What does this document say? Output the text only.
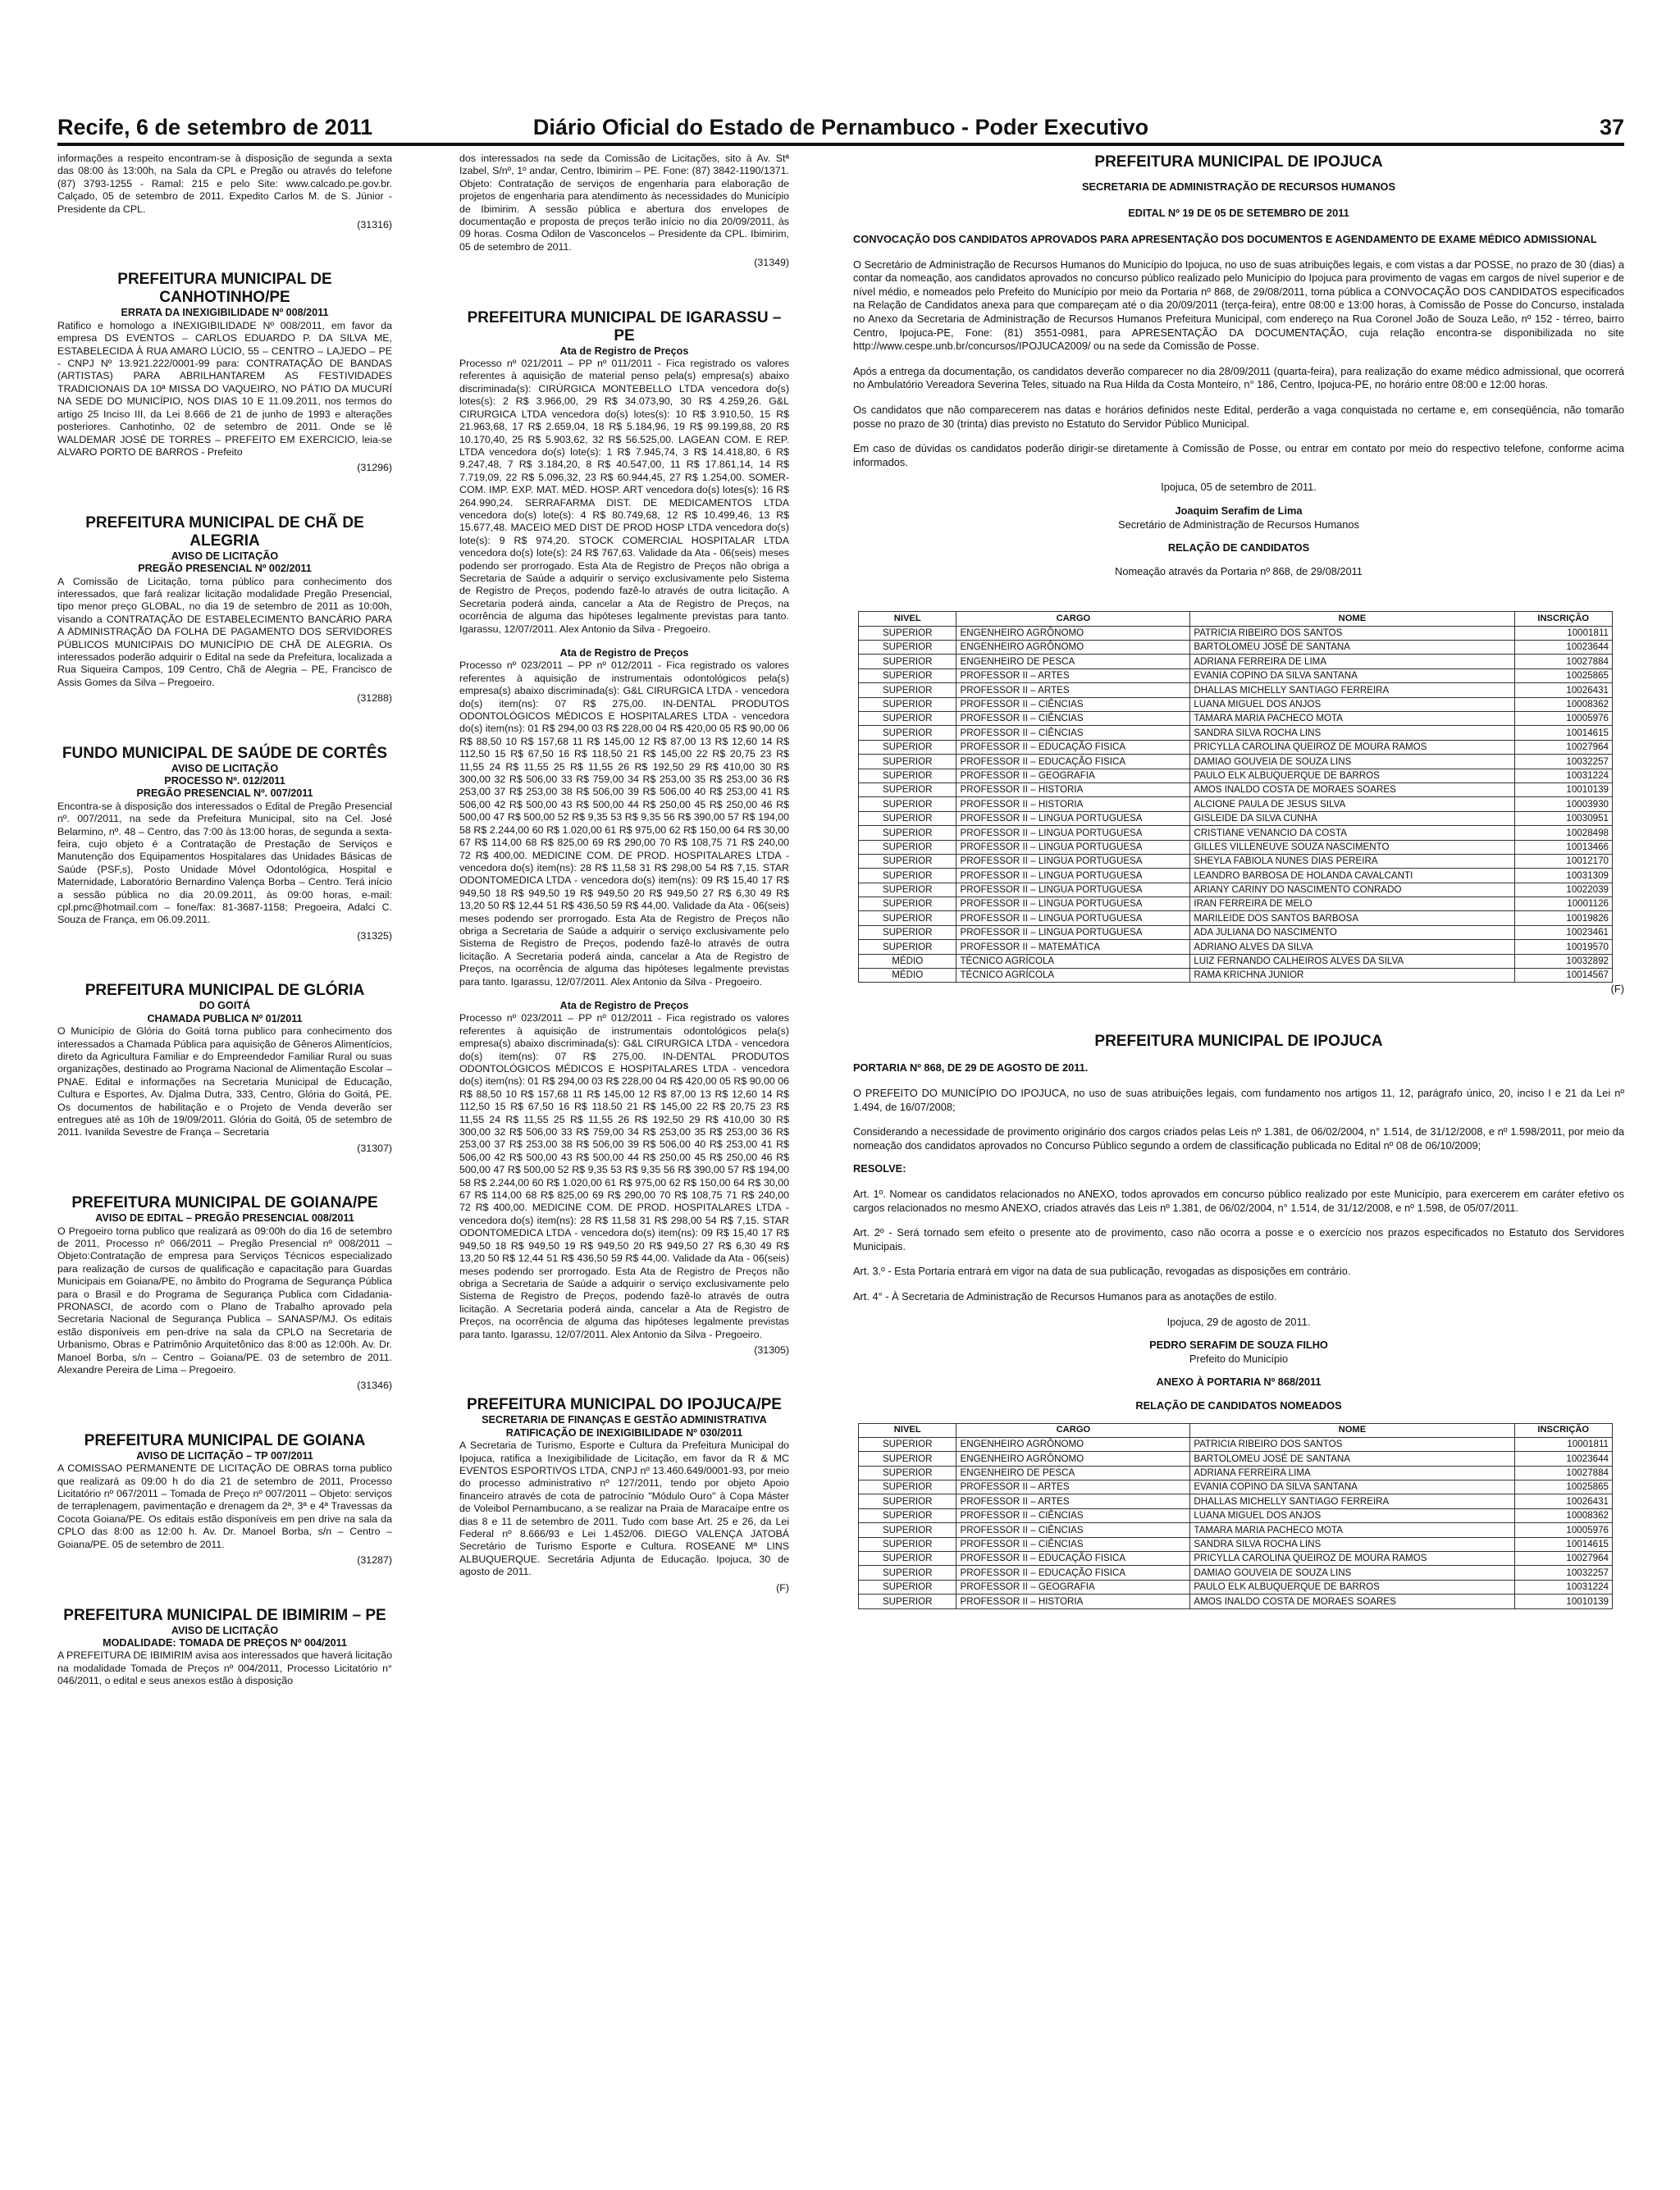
Recife, 6 de setembro de 2011	Diário Oficial do Estado de Pernambuco - Poder Executivo	37

informações a respeito encontram-se à disposição de segunda a sexta das 08:00 às 13:00h, na Sala da CPL e Pregão ou através do telefone (87) 3793-1255 - Ramal: 215 e pelo Site: www.calcado.pe.gov.br. Calçado, 05 de setembro de 2011. Expedito Carlos M. de S. Júnior - Presidente da CPL.

(31316)

PREFEITURA MUNICIPAL DE CANHOTINHO/PE

ERRATA DA INEXIGIBILIDADE Nº 008/2011

Ratifico e homologo a INEXIGIBILIDADE Nº 008/2011, em favor da empresa DS EVENTOS – CARLOS EDUARDO P. DA SILVA ME, ESTABELECIDA À RUA AMARO LÚCIO, 55 – CENTRO – LAJEDO – PE - CNPJ Nº 13.921.222/0001-99 para: CONTRATAÇÃO DE BANDAS (ARTISTAS) PARA ABRILHANTAREM AS FESTIVIDADES TRADICIONAIS DA 10ª MISSA DO VAQUEIRO, NO PÁTIO DA MUCURÍ NA SEDE DO MUNICÍPIO, NOS DIAS 10 E 11.09.2011, nos termos do artigo 25 Inciso III, da Lei 8.666 de 21 de junho de 1993 e alterações posteriores. Canhotinho, 02 de setembro de 2011. Onde se lê WALDEMAR JOSÉ DE TORRES – PREFEITO EM EXERCICIO, leia-se ALVARO PORTO DE BARROS - Prefeito

(31296)

PREFEITURA MUNICIPAL DE CHÃ DE ALEGRIA

AVISO DE LICITAÇÃO

PREGÃO PRESENCIAL Nº 002/2011

A Comissão de Licitação, torna público para conhecimento dos interessados, que fará realizar licitação modalidade Pregão Presencial, tipo menor preço GLOBAL, no dia 19 de setembro de 2011 as 10:00h, visando a CONTRATAÇÃO DE ESTABELECIMENTO BANCÁRIO PARA A ADMINISTRAÇÃO DA FOLHA DE PAGAMENTO DOS SERVIDORES PÚBLICOS MUNICIPAIS DO MUNICÍPIO DE CHÃ DE ALEGRIA. Os interessados poderão adquirir o Edital na sede da Prefeitura, localizada a Rua Siqueira Campos, 109 Centro, Chã de Alegria – PE, Francisco de Assis Gomes da Silva – Pregoeiro.

(31288)

FUNDO MUNICIPAL DE SAÚDE DE CORTÊS

AVISO DE LICITAÇÃO

PROCESSO Nº. 012/2011

PREGÃO PRESENCIAL Nº. 007/2011

Encontra-se à disposição dos interessados o Edital de Pregão Presencial nº. 007/2011, na sede da Prefeitura Municipal, sito na Cel. José Belarmino, nº. 48 – Centro, das 7:00 às 13:00 horas, de segunda a sexta-feira, cujo objeto é a Contratação de Prestação de Serviços e Manutenção dos Equipamentos Hospitalares das Unidades Básicas de Saúde (PSF,s), Posto Unidade Móvel Odontológica, Hospital e Maternidade, Laboratório Bernardino Valença Borba – Centro. Terá início a sessão pública no dia 20.09.2011, às 09:00 horas, e-mail: cpl.pmc@hotmail.com – fone/fax: 81-3687-1158; Pregoeira, Adalci C. Souza de França, em 06.09.2011.

(31325)

PREFEITURA MUNICIPAL DE GLÓRIA

DO GOITÁ

CHAMADA PUBLICA Nº 01/2011

O Município de Glória do Goitá torna publico para conhecimento dos interessados a Chamada Pública para aquisição de Gêneros Alimentícios, direto da Agricultura Familiar e do Empreendedor Familiar Rural ou suas organizações, destinado ao Programa Nacional de Alimentação Escolar – PNAE. Edital e informações na Secretaria Municipal de Educação, Cultura e Esportes, Av. Djalma Dutra, 333, Centro, Glória do Goitá, PE. Os documentos de habilitação e o Projeto de Venda deverão ser entregues até as 10h de 19/09/2011. Glória do Goitá, 05 de setembro de 2011. Ivanilda Sevestre de França – Secretaria

(31307)

PREFEITURA MUNICIPAL DE GOIANA/PE

AVISO DE EDITAL – PREGÃO PRESENCIAL 008/2011

O Pregoeiro torna publico que realizará as 09:00h do dia 16 de setembro de 2011, Processo nº 066/2011 – Pregão Presencial nº 008/2011 – Objeto:Contratação de empresa para Serviços Técnicos especializado para realização de cursos de qualificação e capacitação para Guardas Municipais em Goiana/PE, no âmbito do Programa de Segurança Pública para o Brasil e do Programa de Segurança Publica com Cidadania- PRONASCI, de acordo com o Plano de Trabalho aprovado pela Secretaria Nacional de Segurança Publica – SANASP/MJ. Os editais estão disponíveis em pen-drive na sala da CPLO na Secretaria de Urbanismo, Obras e Patrimônio Arquitetônico das 8:00 as 12:00h. Av. Dr. Manoel Borba, s/n – Centro – Goiana/PE. 03 de setembro de 2011. Alexandre Pereira de Lima – Pregoeiro.

(31346)

PREFEITURA MUNICIPAL DE GOIANA

AVISO DE LICITAÇÃO – TP 007/2011

A COMISSAO PERMANENTE DE LICITAÇÃO DE OBRAS torna publico que realizará as 09:00 h do dia 21 de setembro de 2011, Processo Licitatório nº 067/2011 – Tomada de Preço nº 007/2011 – Objeto: serviços de terraplenagem, pavimentação e drenagem da 2ª, 3ª e 4ª Travessas da Cocota Goiana/PE. Os editais estão disponíveis em pen drive na sala da CPLO das 8:00 as 12:00 h. Av. Dr. Manoel Borba, s/n – Centro – Goiana/PE. 05 de setembro de 2011.

(31287)

PREFEITURA MUNICIPAL DE IBIMIRIM – PE

AVISO DE LICITAÇÃO

MODALIDADE: TOMADA DE PREÇOS Nº 004/2011

A PREFEITURA DE IBIMIRIM avisa aos interessados que haverá licitação na modalidade Tomada de Preços nº 004/2011, Processo Licitatório n° 046/2011, o edital e seus anexos estão à disposição

dos interessados na sede da Comissão de Licitações, sito à Av. Stª Izabel, S/nº, 1º andar, Centro, Ibimirim – PE. Fone: (87) 3842-1190/1371. Objeto: Contratação de serviços de engenharia para elaboração de projetos de engenharia para atendimento às necessidades do Município de Ibimirim. A sessão pública e abertura dos envelopes de documentação e proposta de preços terão início no dia 20/09/2011, às 09 horas. Cosma Odilon de Vasconcelos – Presidente da CPL. Ibimirim, 05 de setembro de 2011.

(31349)

PREFEITURA MUNICIPAL DE IGARASSU – PE

Ata de Registro de Preços

Processo nº 021/2011 – PP nº 011/2011 - Fica registrado os valores referentes à aquisição de material penso pela(s) empresa(s) abaixo discriminada(s): CIRÚRGICA MONTEBELLO LTDA vencedora do(s) lotes(s): 2 R$ 3.966,00, 29 R$ 34.073,90, 30 R$ 4.259,26. G&L CIRURGICA LTDA vencedora do(s) lotes(s): 10 R$ 3.910,50, 15 R$ 21.963,68, 17 R$ 2.659,04, 18 R$ 5.184,96, 19 R$ 99.199,88, 20 R$ 10.170,40, 25 R$ 5.903,62, 32 R$ 56.525,00. LAGEAN COM. E REP. LTDA vencedora do(s) lote(s): 1 R$ 7.945,74, 3 R$ 14.418,80, 6 R$ 9.247,48, 7 R$ 3.184,20, 8 R$ 40.547,00, 11 R$ 17.861,14, 14 R$ 7.719,09, 22 R$ 5.096,32, 23 R$ 60.944,45, 27 R$ 1.254,00. SOMER-COM. IMP. EXP. MAT. MÉD. HOSP. ART vencedora do(s) lotes(s): 16 R$ 264.990,24. SERRAFARMA DIST. DE MEDICAMENTOS LTDA vencedora do(s) lote(s): 4 R$ 80.749,68, 12 R$ 10.499,46, 13 R$ 15.677,48. MACEIO MED DIST DE PROD HOSP LTDA vencedora do(s) lote(s): 9 R$ 974,20. STOCK COMERCIAL HOSPITALAR LTDA vencedora do(s) lote(s): 24 R$ 767,63. Validade da Ata - 06(seis) meses podendo ser prorrogado. Esta Ata de Registro de Preços não obriga a Secretaria de Saúde a adquirir o serviço exclusivamente pelo Sistema de Registro de Preços, podendo fazê-lo através de outra licitação. A Secretaria poderá ainda, cancelar a Ata de Registro de Preços, na ocorrência de alguma das hipóteses legalmente previstas para tanto. Igarassu, 12/07/2011. Alex Antonio da Silva - Pregoeiro.

Ata de Registro de Preços

Processo nº 023/2011 – PP nº 012/2011 - Fica registrado os valores referentes à aquisição de instrumentais odontológicos pela(s) empresa(s) abaixo discriminada(s): G&L CIRURGICA LTDA - vencedora do(s) item(ns): 07 R$ 275,00. IN-DENTAL PRODUTOS ODONTOLÓGICOS MÉDICOS E HOSPITALARES LTDA - vencedora do(s) item(ns): 01 R$ 294,00 03 R$ 228,00 04 R$ 420,00 05 R$ 90,00 06 R$ 88,50 10 R$ 157,68 11 R$ 145,00 12 R$ 87,00 13 R$ 12,60 14 R$ 112,50 15 R$ 67,50 16 R$ 118,50 21 R$ 145,00 22 R$ 20,75 23 R$ 11,55 24 R$ 11,55 25 R$ 11,55 26 R$ 192,50 29 R$ 410,00 30 R$ 300,00 32 R$ 506,00 33 R$ 759,00 34 R$ 253,00 35 R$ 253,00 36 R$ 253,00 37 R$ 253,00 38 R$ 506,00 39 R$ 506,00 40 R$ 253,00 41 R$ 506,00 42 R$ 500,00 43 R$ 500,00 44 R$ 250,00 45 R$ 250,00 46 R$ 500,00 47 R$ 500,00 52 R$ 9,35 53 R$ 9,35 56 R$ 390,00 57 R$ 194,00 58 R$ 2.244,00 60 R$ 1.020,00 61 R$ 975,00 62 R$ 150,00 64 R$ 30,00 67 R$ 114,00 68 R$ 825,00 69 R$ 290,00 70 R$ 108,75 71 R$ 240,00 72 R$ 400,00. MEDICINE COM. DE PROD. HOSPITALARES LTDA - vencedora do(s) item(ns): 28 R$ 11,58 31 R$ 298,00 54 R$ 7,15. STAR ODONTOMEDICA LTDA - vencedora do(s) item(ns): 09 R$ 15,40 17 R$ 949,50 18 R$ 949,50 19 R$ 949,50 20 R$ 949,50 27 R$ 6,30 49 R$ 13,20 50 R$ 12,44 51 R$ 436,50 59 R$ 44,00. Validade da Ata - 06(seis) meses podendo ser prorrogado. Esta Ata de Registro de Preços não obriga a Secretaria de Saúde a adquirir o serviço exclusivamente pelo Sistema de Registro de Preços, podendo fazê-lo através de outra licitação. A Secretaria poderá ainda, cancelar a Ata de Registro de Preços, na ocorrência de alguma das hipóteses legalmente previstas para tanto. Igarassu, 12/07/2011. Alex Antonio da Silva - Pregoeiro.

Ata de Registro de Preços

Processo nº 023/2011 – PP nº 012/2011 - Fica registrado os valores referentes à aquisição de instrumentais odontológicos pela(s) empresa(s) abaixo discriminada(s): G&L CIRURGICA LTDA - vencedora do(s) item(ns): 07 R$ 275,00. IN-DENTAL PRODUTOS ODONTOLÓGICOS MÉDICOS E HOSPITALARES LTDA - vencedora do(s) item(ns): 01 R$ 294,00 03 R$ 228,00 04 R$ 420,00 05 R$ 90,00 06 R$ 88,50 10 R$ 157,68 11 R$ 145,00 12 R$ 87,00 13 R$ 12,60 14 R$ 112,50 15 R$ 67,50 16 R$ 118,50 21 R$ 145,00 22 R$ 20,75 23 R$ 11,55 24 R$ 11,55 25 R$ 11,55 26 R$ 192,50 29 R$ 410,00 30 R$ 300,00 32 R$ 506,00 33 R$ 759,00 34 R$ 253,00 35 R$ 253,00 36 R$ 253,00 37 R$ 253,00 38 R$ 506,00 39 R$ 506,00 40 R$ 253,00 41 R$ 506,00 42 R$ 500,00 43 R$ 500,00 44 R$ 250,00 45 R$ 250,00 46 R$ 500,00 47 R$ 500,00 52 R$ 9,35 53 R$ 9,35 56 R$ 390,00 57 R$ 194,00 58 R$ 2.244,00 60 R$ 1.020,00 61 R$ 975,00 62 R$ 150,00 64 R$ 30,00 67 R$ 114,00 68 R$ 825,00 69 R$ 290,00 70 R$ 108,75 71 R$ 240,00 72 R$ 400,00. MEDICINE COM. DE PROD. HOSPITALARES LTDA - vencedora do(s) item(ns): 28 R$ 11,58 31 R$ 298,00 54 R$ 7,15. STAR ODONTOMEDICA LTDA - vencedora do(s) item(ns): 09 R$ 15,40 17 R$ 949,50 18 R$ 949,50 19 R$ 949,50 20 R$ 949,50 27 R$ 6,30 49 R$ 13,20 50 R$ 12,44 51 R$ 436,50 59 R$ 44,00. Validade da Ata - 06(seis) meses podendo ser prorrogado. Esta Ata de Registro de Preços não obriga a Secretaria de Saúde a adquirir o serviço exclusivamente pelo Sistema de Registro de Preços, podendo fazê-lo através de outra licitação. A Secretaria poderá ainda, cancelar a Ata de Registro de Preços, na ocorrência de alguma das hipóteses legalmente previstas para tanto. Igarassu, 12/07/2011. Alex Antonio da Silva - Pregoeiro.

(31305)

PREFEITURA MUNICIPAL DO IPOJUCA/PE

SECRETARIA DE FINANÇAS E GESTÃO ADMINISTRATIVA

RATIFICAÇÃO DE INEXIGIBILIDADE Nº 030/2011

A Secretaria de Turismo, Esporte e Cultura da Prefeitura Municipal do Ipojuca, ratifica a Inexigibilidade de Licitação, em favor da R & MC EVENTOS ESPORTIVOS LTDA, CNPJ nº 13.460.649/0001-93, por meio do processo administrativo nº 127/2011, tendo por objeto Apoio financeiro através de cota de patrocínio "Módulo Ouro" à Copa Máster de Voleibol Pernambucano, a se realizar na Praia de Maracaípe entre os dias 8 e 11 de setembro de 2011. Tudo com base Art. 25 e 26, da Lei Federal nº 8.666/93 e Lei 1.452/06. DIEGO VALENÇA JATOBÁ Secretário de Turismo Esporte e Cultura. ROSEANE Mª LINS ALBUQUERQUE. Secretária Adjunta de Educação. Ipojuca, 30 de agosto de 2011.

(F)

PREFEITURA MUNICIPAL DE IPOJUCA

SECRETARIA DE ADMINISTRAÇÃO DE RECURSOS HUMANOS

EDITAL Nº 19 DE 05 DE SETEMBRO DE 2011

CONVOCAÇÃO DOS CANDIDATOS APROVADOS PARA APRESENTAÇÃO DOS DOCUMENTOS E AGENDAMENTO DE EXAME MÉDICO ADMISSIONAL

O Secretário de Administração de Recursos Humanos do Município do Ipojuca, no uso de suas atribuições legais, e com vistas a dar POSSE, no prazo de 30 (dias) a contar da nomeação, aos candidatos aprovados no concurso público realizado pelo Município do Ipojuca para provimento de vagas em cargos de nível superior e de nível médio, e nomeados pelo Prefeito do Município por meio da Portaria nº 868, de 29/08/2011, torna pública a CONVOCAÇÃO DOS CANDIDATOS especificados na Relação de Candidatos anexa para que compareçam até o dia 20/09/2011 (terça-feira), entre 08:00 e 13:00 horas, à Comissão de Posse do Concurso, instalada no Anexo da Secretaria de Administração de Recursos Humanos Prefeitura Municipal, com endereço na Rua Coronel João de Souza Leão, nº 152 - térreo, bairro Centro, Ipojuca-PE, Fone: (81) 3551-0981, para APRESENTAÇÃO DA DOCUMENTAÇÃO, cuja relação encontra-se disponibilizada no site http://www.cespe.unb.br/concursos/IPOJUCA2009/ ou na sede da Comissão de Posse.

Após a entrega da documentação, os candidatos deverão comparecer no dia 28/09/2011 (quarta-feira), para realização do exame médico admissional, que ocorrerá no Ambulatório Vereadora Severina Teles, situado na Rua Hilda da Costa Monteiro, n° 186, Centro, Ipojuca-PE, no horário entre 08:00 e 12:00 horas.

Os candidatos que não comparecerem nas datas e horários definidos neste Edital, perderão a vaga conquistada no certame e, em conseqüência, não tomarão posse no prazo de 30 (trinta) dias previsto no Estatuto do Servidor Público Municipal.

Em caso de dúvidas os candidatos poderão dirigir-se diretamente à Comissão de Posse, ou entrar em contato por meio do respectivo telefone, conforme acima informados.

Ipojuca, 05 de setembro de 2011.

Joaquim Serafim de Lima

Secretário de Administração de Recursos Humanos

RELAÇÃO DE CANDIDATOS

Nomeação através da Portaria nº 868, de 29/08/2011

NIVEL	CARGO	NOME	INSCRIÇÃO
SUPERIOR	ENGENHEIRO AGRÔNOMO	PATRICIA RIBEIRO DOS SANTOS	10001811
SUPERIOR	ENGENHEIRO AGRÔNOMO	BARTOLOMEU JOSÉ DE SANTANA	10023644
SUPERIOR	ENGENHEIRO DE PESCA	ADRIANA FERREIRA DE LIMA	10027884
SUPERIOR	PROFESSOR II – ARTES	EVANIA COPINO DA SILVA SANTANA	10025865
SUPERIOR	PROFESSOR II – ARTES	DHALLAS MICHELLY SANTIAGO FERREIRA	10026431
SUPERIOR	PROFESSOR II – CIÊNCIAS	LUANA MIGUEL DOS ANJOS	10008362
SUPERIOR	PROFESSOR II – CIÊNCIAS	TAMARA MARIA PACHECO MOTA	10005976
SUPERIOR	PROFESSOR II – CIÊNCIAS	SANDRA SILVA ROCHA LINS	10014615
SUPERIOR	PROFESSOR II – EDUCAÇÃO FISICA	PRICYLLA CAROLINA QUEIROZ DE MOURA RAMOS	10027964
SUPERIOR	PROFESSOR II – EDUCAÇÃO FISICA	DAMIAO GOUVEIA DE SOUZA LINS	10032257
SUPERIOR	PROFESSOR II – GEOGRAFIA	PAULO ELK ALBUQUERQUE DE BARROS	10031224
SUPERIOR	PROFESSOR II – HISTORIA	AMOS INALDO COSTA DE MORAES SOARES	10010139
SUPERIOR	PROFESSOR II – HISTORIA	ALCIONE PAULA DE JESUS SILVA	10003930
SUPERIOR	PROFESSOR II – LINGUA PORTUGUESA	GISLEIDE DA SILVA CUNHA	10030951
SUPERIOR	PROFESSOR II – LINGUA PORTUGUESA	CRISTIANE VENANCIO DA COSTA	10028498
SUPERIOR	PROFESSOR II – LINGUA PORTUGUESA	GILLES VILLENEUVE SOUZA NASCIMENTO	10013466
SUPERIOR	PROFESSOR II – LINGUA PORTUGUESA	SHEYLA FABIOLA NUNES DIAS PEREIRA	10012170
SUPERIOR	PROFESSOR II – LINGUA PORTUGUESA	LEANDRO BARBOSA DE HOLANDA CAVALCANTI	10031309
SUPERIOR	PROFESSOR II – LINGUA PORTUGUESA	ARIANY CARINY DO NASCIMENTO CONRADO	10022039
SUPERIOR	PROFESSOR II – LINGUA PORTUGUESA	IRAN FERREIRA DE MELO	10001126
SUPERIOR	PROFESSOR II – LINGUA PORTUGUESA	MARILEIDE DOS SANTOS BARBOSA	10019826
SUPERIOR	PROFESSOR II – LINGUA PORTUGUESA	ADA JULIANA DO NASCIMENTO	10023461
SUPERIOR	PROFESSOR II – MATEMÁTICA	ADRIANO ALVES DA SILVA	10019570
MÉDIO	TÉCNICO AGRÍCOLA	LUIZ FERNANDO CALHEIROS ALVES DA SILVA	10032892
MÉDIO	TÉCNICO AGRÍCOLA	RAMA KRICHNA JUNIOR	10014567

(F)

PREFEITURA MUNICIPAL DE IPOJUCA

PORTARIA Nº 868, DE 29 DE AGOSTO DE 2011.

O PREFEITO DO MUNICÍPIO DO IPOJUCA, no uso de suas atribuições legais, com fundamento nos artigos 11, 12, parágrafo único, 20, inciso I e 21 da Lei nº 1.494, de 16/07/2008;

Considerando a necessidade de provimento originário dos cargos criados pelas Leis nº 1.381, de 06/02/2004, n° 1.514, de 31/12/2008, e nº 1.598/2011, por meio da nomeação dos candidatos aprovados no Concurso Público segundo a ordem de classificação publicada no Edital nº 08 de 06/10/2009;

RESOLVE:

Art. 1º. Nomear os candidatos relacionados no ANEXO, todos aprovados em concurso público realizado por este Município, para exercerem em caráter efetivo os cargos relacionados no mesmo ANEXO, criados através das Leis nº 1.381, de 06/02/2004, n° 1.514, de 31/12/2008, e nº 1.598, de 05/07/2011.

Art. 2º - Será tornado sem efeito o presente ato de provimento, caso não ocorra a posse e o exercício nos prazos especificados no Estatuto dos Servidores Municipais.

Art. 3.º - Esta Portaria entrará em vigor na data de sua publicação, revogadas as disposições em contrário.

Art. 4° - À Secretaria de Administração de Recursos Humanos para as anotações de estilo.

Ipojuca, 29 de agosto de 2011.

PEDRO SERAFIM DE SOUZA FILHO

Prefeito do Município

ANEXO À PORTARIA Nº 868/2011

RELAÇÃO DE CANDIDATOS NOMEADOS

NIVEL	CARGO	NOME	INSCRIÇÃO
SUPERIOR	ENGENHEIRO AGRÔNOMO	PATRICIA RIBEIRO DOS SANTOS	10001811
SUPERIOR	ENGENHEIRO AGRÔNOMO	BARTOLOMEU JOSÉ DE SANTANA	10023644
SUPERIOR	ENGENHEIRO DE PESCA	ADRIANA FERREIRA LIMA	10027884
SUPERIOR	PROFESSOR II – ARTES	EVANIA COPINO DA SILVA SANTANA	10025865
SUPERIOR	PROFESSOR II – ARTES	DHALLAS MICHELLY SANTIAGO FERREIRA	10026431
SUPERIOR	PROFESSOR II – CIÊNCIAS	LUANA MIGUEL DOS ANJOS	10008362
SUPERIOR	PROFESSOR II – CIÊNCIAS	TAMARA MARIA PACHECO MOTA	10005976
SUPERIOR	PROFESSOR II – CIÊNCIAS	SANDRA SILVA ROCHA LINS	10014615
SUPERIOR	PROFESSOR II – EDUCAÇÃO FISICA	PRICYLLA CAROLINA QUEIROZ DE MOURA RAMOS	10027964
SUPERIOR	PROFESSOR II – EDUCAÇÃO FISICA	DAMIAO GOUVEIA DE SOUZA LINS	10032257
SUPERIOR	PROFESSOR II – GEOGRAFIA	PAULO ELK ALBUQUERQUE DE BARROS	10031224
SUPERIOR	PROFESSOR II – HISTORIA	AMOS INALDO COSTA DE MORAES SOARES	10010139
